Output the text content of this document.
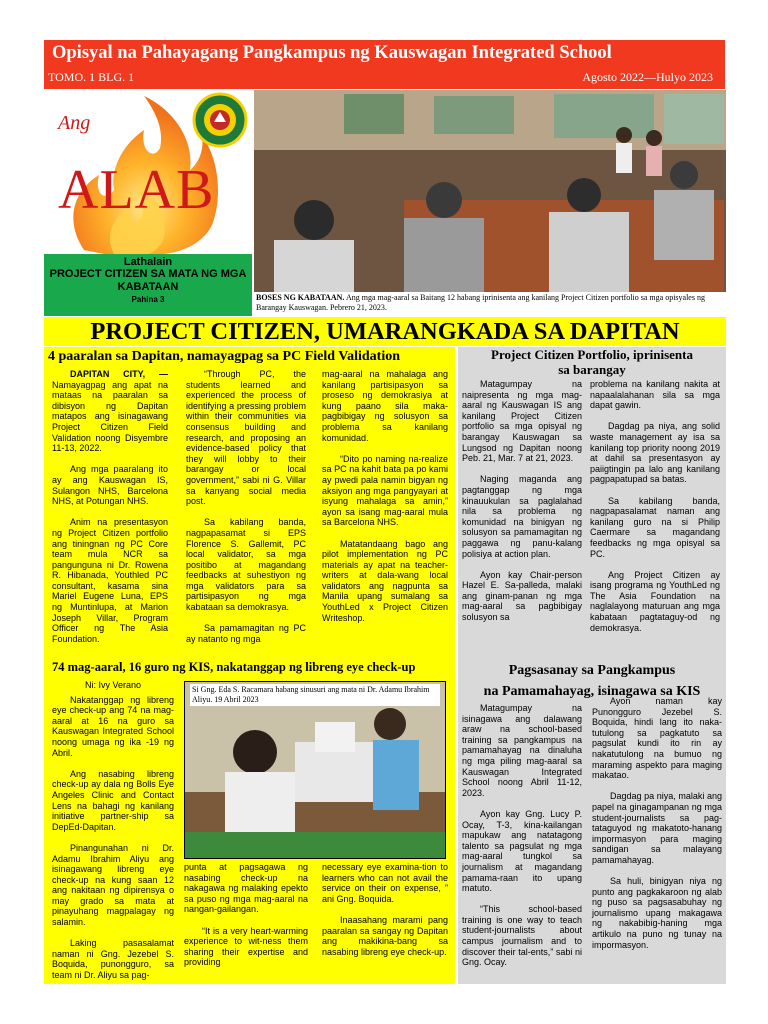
Opisyal na Pahayagang Pangkampus ng Kauswagan Integrated School
TOMO. 1 BLG. 1	Agosto 2022—Hulyo 2023
Ang
ALAB
Lathalain
PROJECT CITIZEN SA MATA NG MGA KABATAAN
Pahina 3	BOSES NG KABATAAN. Ang mga mag-aaral sa Baitang 12 habang iprinisenta ang kanilang Project Citizen portfolio sa mga opisyales ng Barangay Kauswagan. Pebrero 21, 2023.
PROJECT CITIZEN, UMARANGKADA SA DAPITAN
4 paaralan sa Dapitan, namayagpag sa PC Field Validation

DAPITAN CITY, — Namayagpag ang apat na mataas na paaralan sa dibisyon ng Dapitan matapos ang isinagawang Project Citizen Field Validation noong Disyembre 11-13, 2022.

Ang mga paaralang ito ay ang Kauswagan IS, Sulangon NHS, Barcelona NHS, at Potungan NHS.

Anim na presentasyon ng Project Citizen portfolio ang tiningnan ng PC Core team mula NCR sa pangunguna ni Dr. Rowena R. Hibanada, Youthled PC consultant, kasama sina Mariel Eugene Luna, EPS ng Muntinlupa, at Marion Joseph Villar, Program Officer ng The Asia Foundation.

“Through PC, the students learned and experienced the process of identifying a pressing problem within their communities via consensus building and research, and proposing an evidence-based policy that they will lobby to their barangay or local government,” sabi ni G. Villar sa kanyang social media post.

Sa kabilang banda, nagpapasamat si EPS Florence S. Gallemit, PC local validator, sa mga positibo at magandang feedbacks at suhestiyon ng mga validators para sa partisipasyon ng mga kabataan sa demokrasya.

Sa pamamagitan ng PC ay natanto ng mga

mag-aaral na mahalaga ang kanilang partisipasyon sa proseso ng demokrasiya at kung paano sila maka-pagbibigay ng solusyon sa problema sa kanilang komunidad.

“Dito po naming na-realize sa PC na kahit bata pa po kami ay pwedi pala namin bigyan ng aksiyon ang mga pangyayari at isyung mahalaga sa amin,” ayon sa isang mag-aaral mula sa Barcelona NHS.

Matatandaang bago ang pilot implementation ng PC materials ay apat na teacher-writers at dala-wang local validators ang nagpunta sa Manila upang sumalang sa YouthLed x Project Citizen Writeshop.

Project Citizen Portfolio, iprinisenta
sa barangay

Matagumpay na naipresenta ng mga mag-aaral ng Kauswagan IS ang kanilang Project Citizen portfolio sa mga opisyal ng barangay Kauswagan sa Lungsod ng Dapitan noong Peb. 21, Mar. 7 at 21, 2023.

Naging maganda ang pagtanggap ng mga kinauukulan sa paglalahad nila sa problema ng komunidad na binigyan ng solusyon sa pamamagitan ng paggawa ng panu-kalang polisiya at action plan.

Ayon kay Chair-person Hazel E. Sa-palleda, malaki ang ginam-panan ng mga mag-aaral sa pagbibigay solusyon sa

problema na kanilang nakita at napaalalahanan sila sa mga dapat gawin.

Dagdag pa niya, ang solid waste management ay isa sa kanilang top priority noong 2019 at dahil sa presentasyon ay paiigtingin pa lalo ang kanilang pagpapatupad sa batas.

Sa kabilang banda, nagpapasalamat naman ang kanilang guro na si Philip Caermare sa magandang feedbacks ng mga opisyal sa PC.

Ang Project Citizen ay isang programa ng YouthLed ng The Asia Foundation na naglalayong maturuan ang mga kabataan pagtataguy-od ng demokrasya.

74 mag-aaral, 16 guro ng KIS, nakatanggap ng libreng eye check-up

Ni: Ivy Verano

Nakatanggap ng libreng eye check-up ang 74 na mag-aaral at 16 na guro sa Kauswagan Integrated School noong umaga ng ika -19 ng Abril.

Ang nasabing libreng check-up ay dala ng Bolls Eye Angeles Clinic and Contact Lens na bahagi ng kanilang initiative partner-ship sa DepEd-Dapitan.

Pinangunahan ni Dr. Adamu Ibrahim Aliyu ang isinagawang libreng eye check-up na kung saan 12 ang nakitaan ng dipirensya o may grado sa mata at pinayuhang magpalagay ng salamin.

Laking pasasalamat naman ni Gng. Jezebel S. Boquida, punongguro, sa team ni Dr. Aliyu sa pag-

Si Gng. Eda S. Racamara habang sinusuri ang mata ni Dr. Adamu Ibrahim Aliyu. 19 Abril 2023

punta at pagsagawa ng nasabing check-up na nakagawa ng malaking epekto sa puso ng mga mag-aaral na nangan-gailangan.

“It is a very heart-warming experience to wit-ness them sharing their expertise and providing

necessary eye examina-tion to learners who can not avail the service on their on expense, ” ani Gng. Boquida.

Inaasahang marami pang paaralan sa sangay ng Dapitan ang makikina-bang sa nasabing libreng eye check-up.

Pagsasanay sa Pangkampus
na Pamamahayag, isinagawa sa KIS

Matagumpay na isinagawa ang dalawang araw na school-based training sa pangkampus na pamamahayag na dinaluha ng mga piling mag-aaral sa Kauswagan Integrated School noong Abril 11-12, 2023.

Ayon kay Gng. Lucy P. Ocay, T-3, kina-kailangan mapukaw ang natatagong talento sa pagsulat ng mga mag-aaral tungkol sa journalism at magandang pamama-raan ito upang matuto.

“This school-based training is one way to teach student-journalists about campus journalism and to discover their tal-ents,” sabi ni Gng. Ocay.

Ayon naman kay Punongguro Jezebel S. Boquida, hindi lang ito naka-tutulong sa pagkatuto sa pagsulat kundi ito rin ay nakatutulong na bumuo ng maraming aspekto para maging makatao.

Dagdag pa niya, malaki ang papel na ginagampanan ng mga student-journalists sa pag-tataguyod ng makatoto-hanang impormasyon para maging sandigan sa malayang pamamahayag.

Sa huli, binigyan niya ng punto ang pagkakaroon ng alab ng puso sa pagsasabuhay ng journalismo upang makagawa ng nakabibig-haning mga artikulo na puno ng tunay na impormasyon.
